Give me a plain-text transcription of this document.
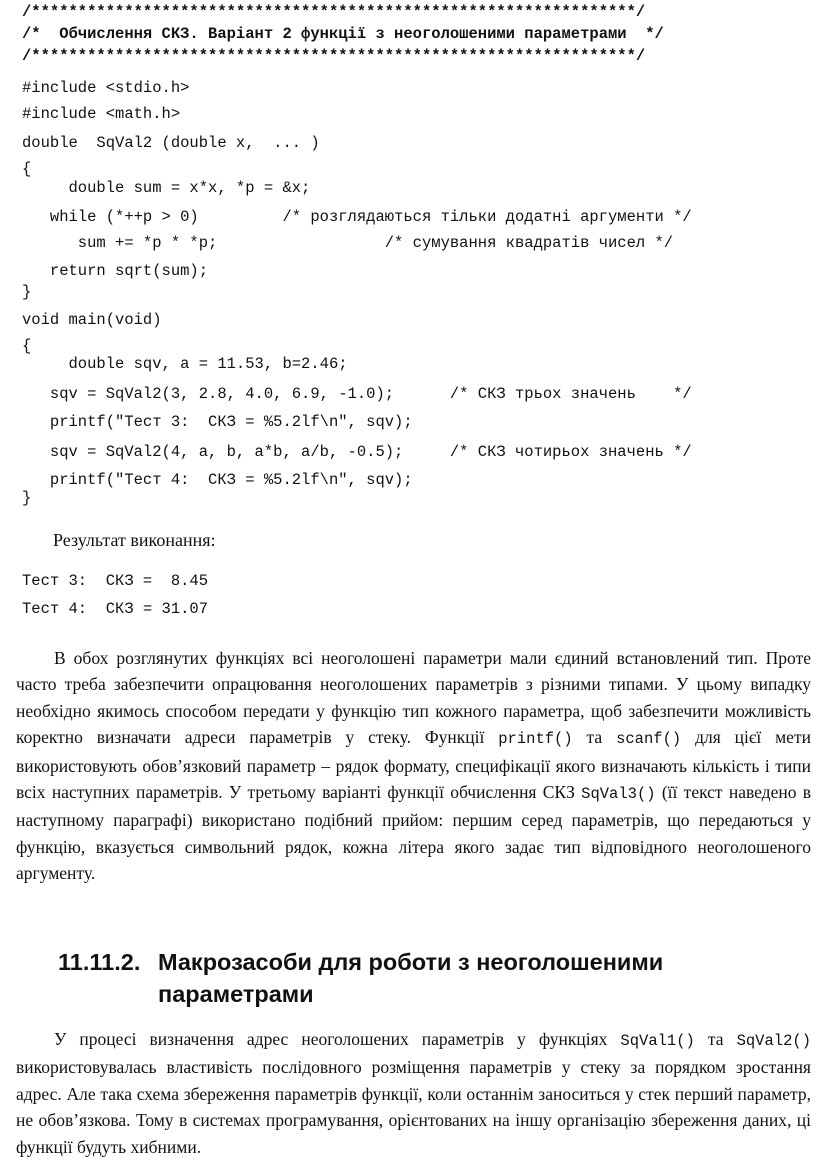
/*****************************************************************/

/*  Обчислення СКЗ. Варіант 2 функції з неоголошеними параметрами  */

/*****************************************************************/

#include <stdio.h>

#include <math.h>

double  SqVal2 (double x,  ... )

{

double sum = x*x, *p = &x;

while (*++p > 0)         /* розглядаються тільки додатні аргументи */

sum += *p * *p;                  /* сумування квадратів чисел */

return sqrt(sum);

}

void main(void)

{

double sqv, a = 11.53, b=2.46;

sqv = SqVal2(3, 2.8, 4.0, 6.9, -1.0);      /* СКЗ трьох значень    */

printf("Тест 3:  СКЗ = %5.2lf\n", sqv);

sqv = SqVal2(4, a, b, a*b, a/b, -0.5);     /* СКЗ чотирьох значень */

printf("Тест 4:  СКЗ = %5.2lf\n", sqv);

}

Результат виконання:
Тест 3:  СКЗ =  8.45
Тест 4:  СКЗ = 31.07

В обох розглянутих функціях всі неоголошені параметри мали єдиний встановлений тип. Проте часто треба забезпечити опрацювання неоголошених параметрів з різними типами. У цьому випадку необхідно якимось способом передати у функцію тип кожного параметра, щоб забезпечити можливість коректно визначати адреси параметрів у стеку. Функції printf() та scanf() для цієї мети використовують обов’язковий параметр – рядок формату, специфікації якого визначають кількість і типи всіх наступних параметрів. У третьому варіанті функції обчислення СКЗ SqVal3() (її текст наведено в наступному параграфі) використано подібний прийом: першим серед параметрів, що передаються у функцію, вказується символьний рядок, кожна літера якого задає тип відповідного неоголошеного аргументу.

11.11.2. Макрозасоби для роботи з неоголошеними параметрами

У процесі визначення адрес неоголошених параметрів у функціях SqVal1() та SqVal2() використовувалась властивість послідовного розміщення параметрів у стеку за порядком зростання адрес. Але така схема збереження параметрів функції, коли останнім заноситься у стек перший параметр, не обов’язкова. Тому в системах програмування, орієнтованих на іншу організацію збереження даних, ці функції будуть хибними.
